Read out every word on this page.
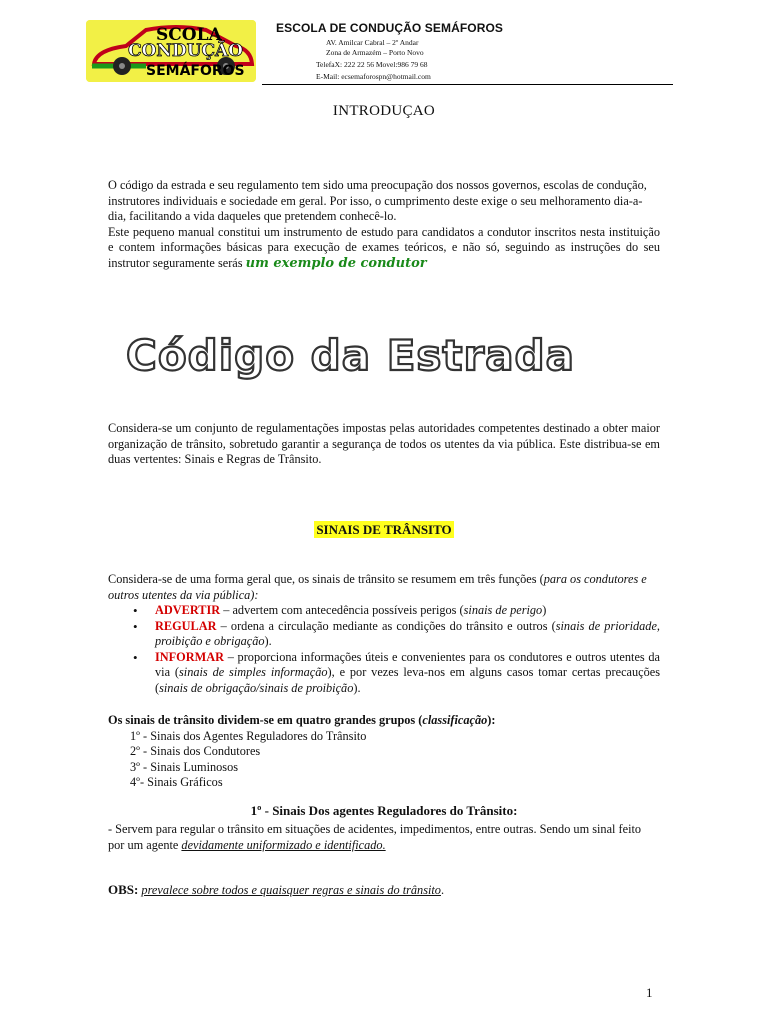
SCOLA
CONDUÇÃO
SEMÁFOROS
ESCOLA DE CONDUÇÃO SEMÁFOROS
AV. Amilcar Cabral – 2º Andar
Zona de Armazém – Porto Novo
TelefaX: 222 22 56 Movel:986 79 68
E-Mail: ecsemaforospn@hotmail.com
INTRODUÇAO

O código da estrada e seu regulamento tem sido uma preocupação dos nossos governos, escolas de condução, instrutores individuais e sociedade em geral. Por isso, o cumprimento deste exige o seu melhoramento dia-a-dia, facilitando a vida daqueles que pretendem conhecê-lo.

Este pequeno manual constitui um instrumento de estudo para candidatos a condutor inscritos nesta instituição e contem informações básicas para execução de exames teóricos, e não só, seguindo as instruções do seu instrutor seguramente serás um exemplo de condutor

Código da Estrada
Considera-se um conjunto de regulamentações impostas pelas autoridades competentes destinado a obter maior organização de trânsito, sobretudo garantir a segurança de todos os utentes da via pública. Este distribua-se em duas vertentes: Sinais e Regras de Trânsito.
SINAIS DE TRÂNSITO

Considera-se de uma forma geral que, os sinais de trânsito se resumem em três funções (para os condutores e outros utentes da via pública):

• ADVERTIR – advertem com antecedência possíveis perigos (sinais de perigo)
• REGULAR – ordena a circulação mediante as condições do trânsito e outros (sinais de prioridade, proibição e obrigação).
• INFORMAR – proporciona informações úteis e convenientes para os condutores e outros utentes da via (sinais de simples informação), e por vezes leva-nos em alguns casos tomar certas precauções (sinais de obrigação/sinais de proibição).

Os sinais de trânsito dividem-se em quatro grandes grupos (classificação):

1º - Sinais dos Agentes Reguladores do Trânsito

2º - Sinais dos Condutores

3º - Sinais Luminosos

4º- Sinais Gráficos

1º - Sinais Dos agentes Reguladores do Trânsito:
- Servem para regular o trânsito em situações de acidentes, impedimentos, entre outras. Sendo um sinal feito por um agente devidamente uniformizado e identificado.
OBS: prevalece sobre todos e quaisquer regras e sinais do trânsito.
1
